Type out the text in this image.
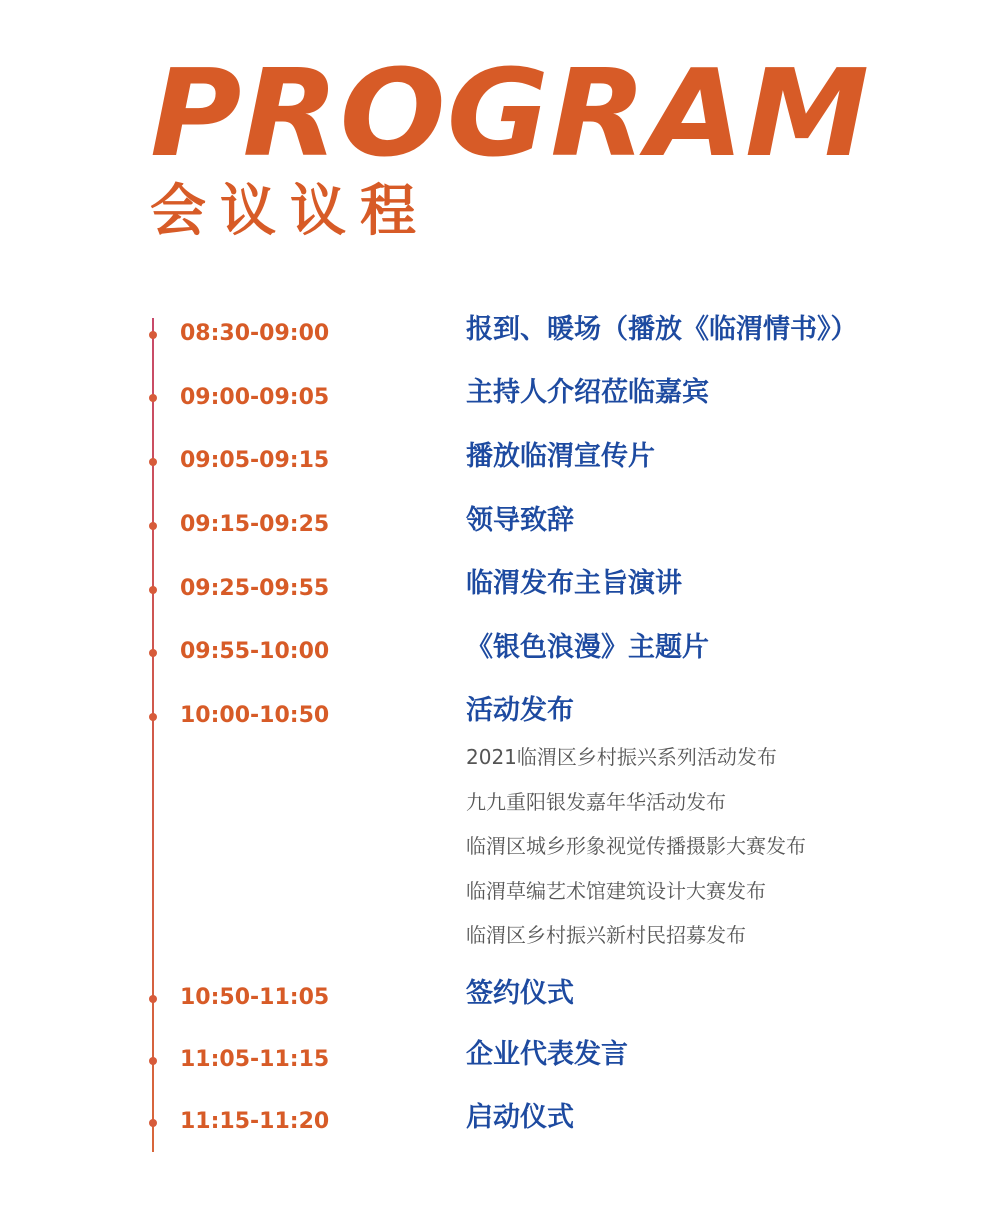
PROGRAM
会议议程
08:30-09:00	报到、暖场（播放《临渭情书》）
09:00-09:05	主持人介绍莅临嘉宾
09:05-09:15	播放临渭宣传片
09:15-09:25	领导致辞
09:25-09:55	临渭发布主旨演讲
09:55-10:00	《银色浪漫》主题片
10:00-10:50	活动发布
2021临渭区乡村振兴系列活动发布
九九重阳银发嘉年华活动发布
临渭区城乡形象视觉传播摄影大赛发布
临渭草编艺术馆建筑设计大赛发布
临渭区乡村振兴新村民招募发布
10:50-11:05	签约仪式
11:05-11:15	企业代表发言
11:15-11:20	启动仪式
